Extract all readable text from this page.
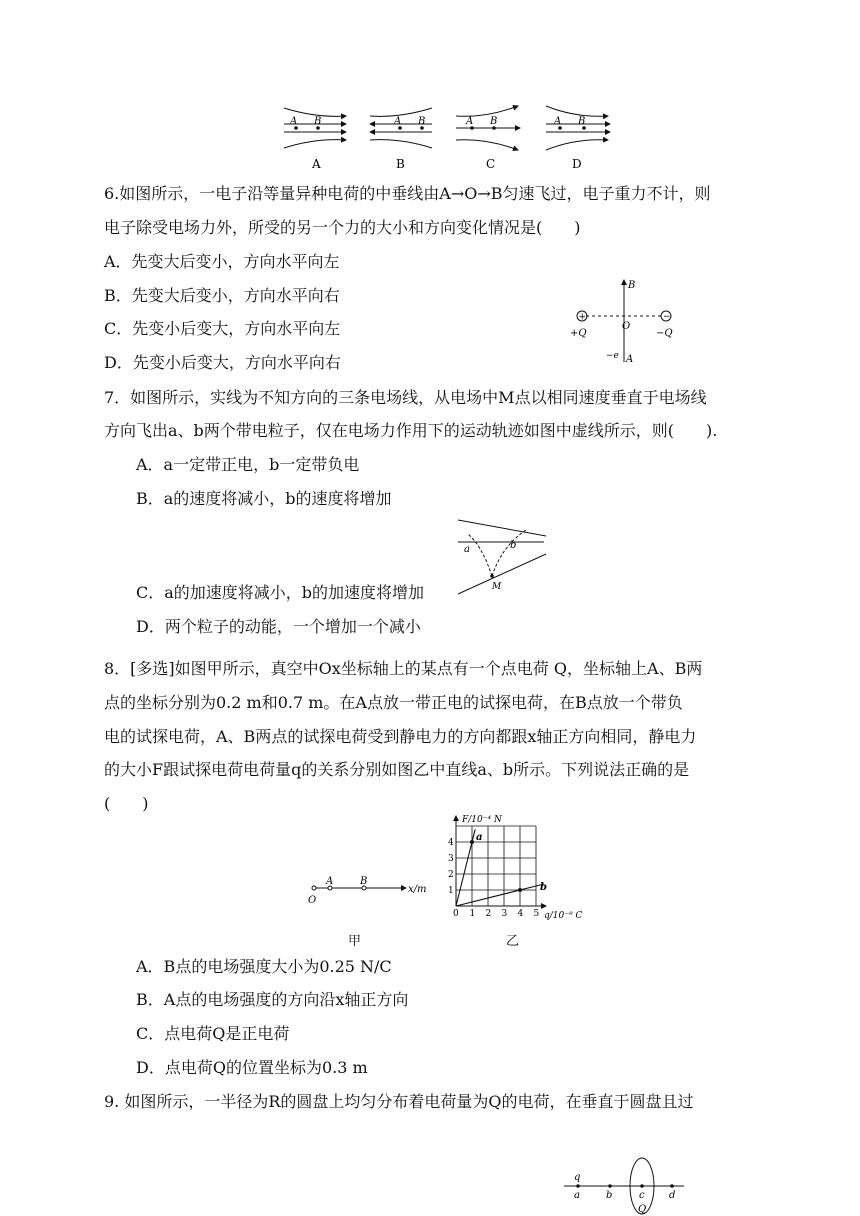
A B	A B	A B	A B
A	B	C	D
6.如图所示，一电子沿等量异种电荷的中垂线由A→O→B匀速飞过，电子重力不计，则
电子除受电场力外，所受的另一个力的大小和方向变化情况是(　　)
A．先变大后变小，方向水平向左
B．先变大后变小，方向水平向右
C．先变小后变大，方向水平向左
D．先变小后变大，方向水平向右
+	−
+Q	−Q
O
B
A
−e
7．如图所示，实线为不知方向的三条电场线，从电场中M点以相同速度垂直于电场线
方向飞出a、b两个带电粒子，仅在电场力作用下的运动轨迹如图中虚线所示，则(　　).
A．a一定带正电，b一定带负电
B．a的速度将减小，b的速度将增加
C．a的加速度将减小，b的加速度将增加
D．两个粒子的动能，一个增加一个减小
a	b
M
8．[多选]如图甲所示，真空中Ox坐标轴上的某点有一个点电荷 Q，坐标轴上A、B两
点的坐标分别为0.2 m和0.7 m。在A点放一带正电的试探电荷，在B点放一个带负
电的试探电荷，A、B两点的试探电荷受到静电力的方向都跟x轴正方向相同，静电力
的大小F跟试探电荷电荷量q的关系分别如图乙中直线a、b所示。下列说法正确的是
(　　)
O
A	B
x/m
甲
1
2
3
4
0 1 2 3 4 5
a
b
F/10⁻⁴ N
q/10⁻⁹ C
乙
A．B点的电场强度大小为0.25 N/C
B．A点的电场强度的方向沿x轴正方向
C．点电荷Q是正电荷
D．点电荷Q的位置坐标为0.3 m
9. 如图所示，一半径为R的圆盘上均匀分布着电荷量为Q的电荷，在垂直于圆盘且过
q
a	b	c d
Q
